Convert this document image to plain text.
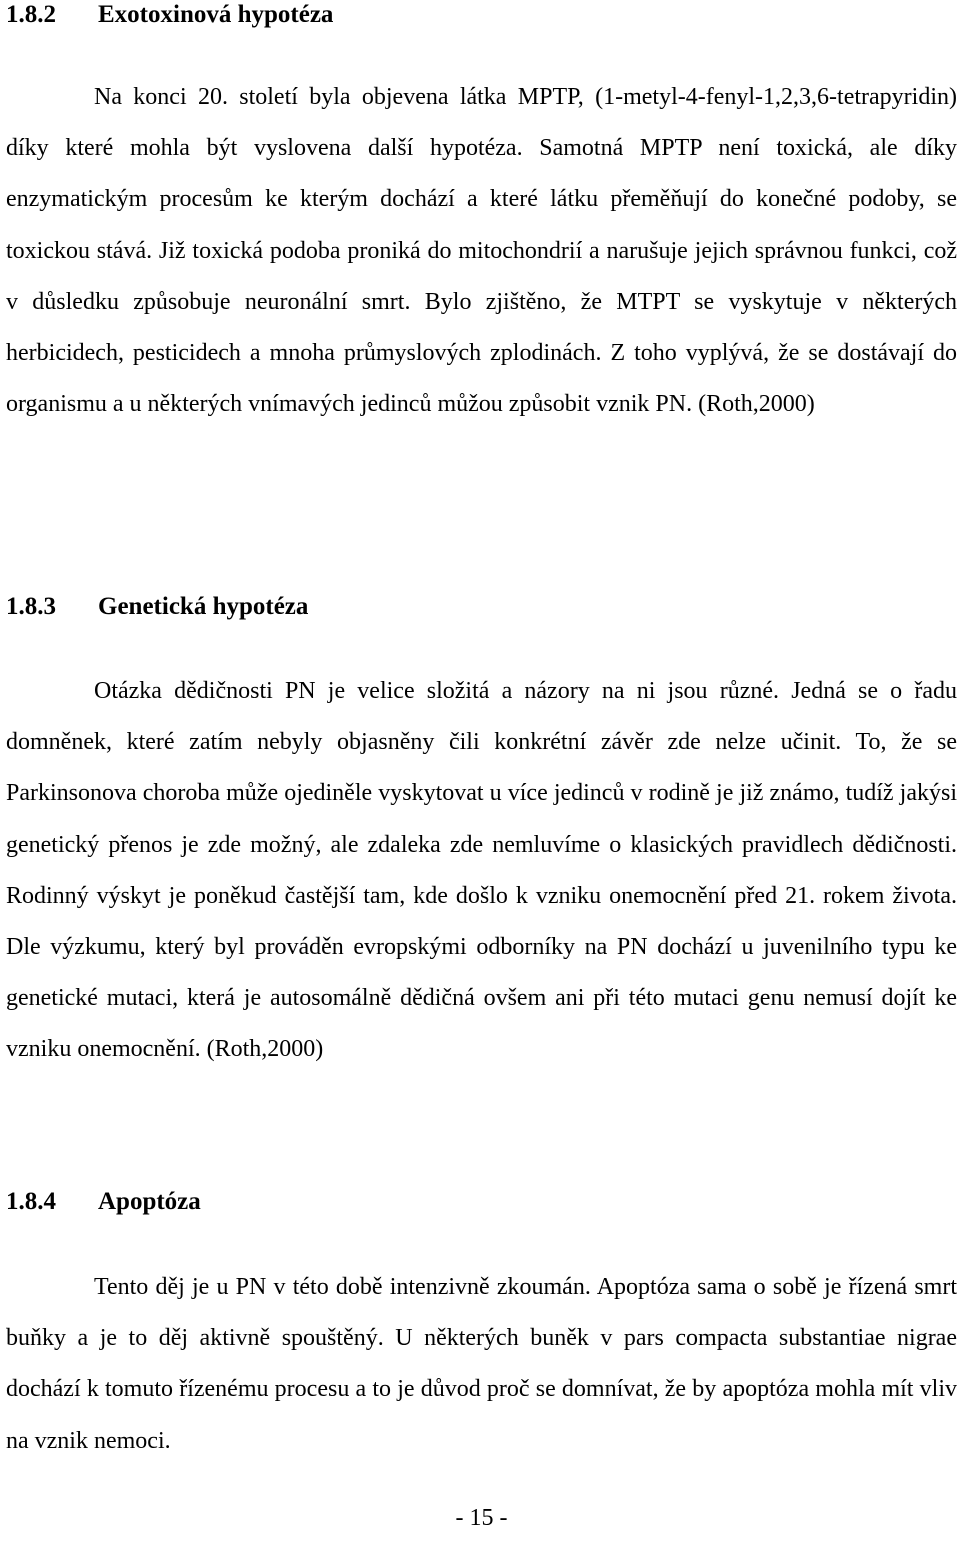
1.8.2 Exotoxinová hypotéza
Na konci 20. století byla objevena látka MPTP, (1-metyl-4-fenyl-1,2,3,6-tetrapyridin) díky které mohla být vyslovena další hypotéza. Samotná MPTP není toxická, ale díky enzymatickým procesům ke kterým dochází a které látku přeměňují do konečné podoby, se toxickou stává. Již toxická podoba proniká do mitochondrií a narušuje jejich správnou funkci, což v důsledku způsobuje neuronální smrt. Bylo zjištěno, že MTPT se vyskytuje v některých herbicidech, pesticidech a mnoha průmyslových zplodinách. Z toho vyplývá, že se dostávají do organismu a u některých vnímavých jedinců můžou způsobit vznik PN. (Roth,2000)
1.8.3 Genetická hypotéza
Otázka dědičnosti PN je velice složitá a názory na ni jsou různé. Jedná se o řadu domněnek, které zatím nebyly objasněny čili konkrétní závěr zde nelze učinit. To, že se Parkinsonova choroba může ojediněle vyskytovat u více jedinců v rodině je již známo, tudíž jakýsi genetický přenos je zde možný, ale zdaleka zde nemluvíme o klasických pravidlech dědičnosti. Rodinný výskyt je poněkud častější tam, kde došlo k vzniku onemocnění před 21. rokem života. Dle výzkumu, který byl prováděn evropskými odborníky na PN dochází u juvenilního typu ke genetické mutaci, která je autosomálně dědičná ovšem ani při této mutaci genu nemusí dojít ke vzniku onemocnění. (Roth,2000)
1.8.4 Apoptóza
Tento děj je u PN v této době intenzivně zkoumán. Apoptóza sama o sobě je řízená smrt buňky a je to děj aktivně spouštěný. U některých buněk v pars compacta substantiae nigrae dochází k tomuto řízenému procesu a to je důvod proč se domnívat, že by apoptóza mohla mít vliv na vznik nemoci.
- 15 -
